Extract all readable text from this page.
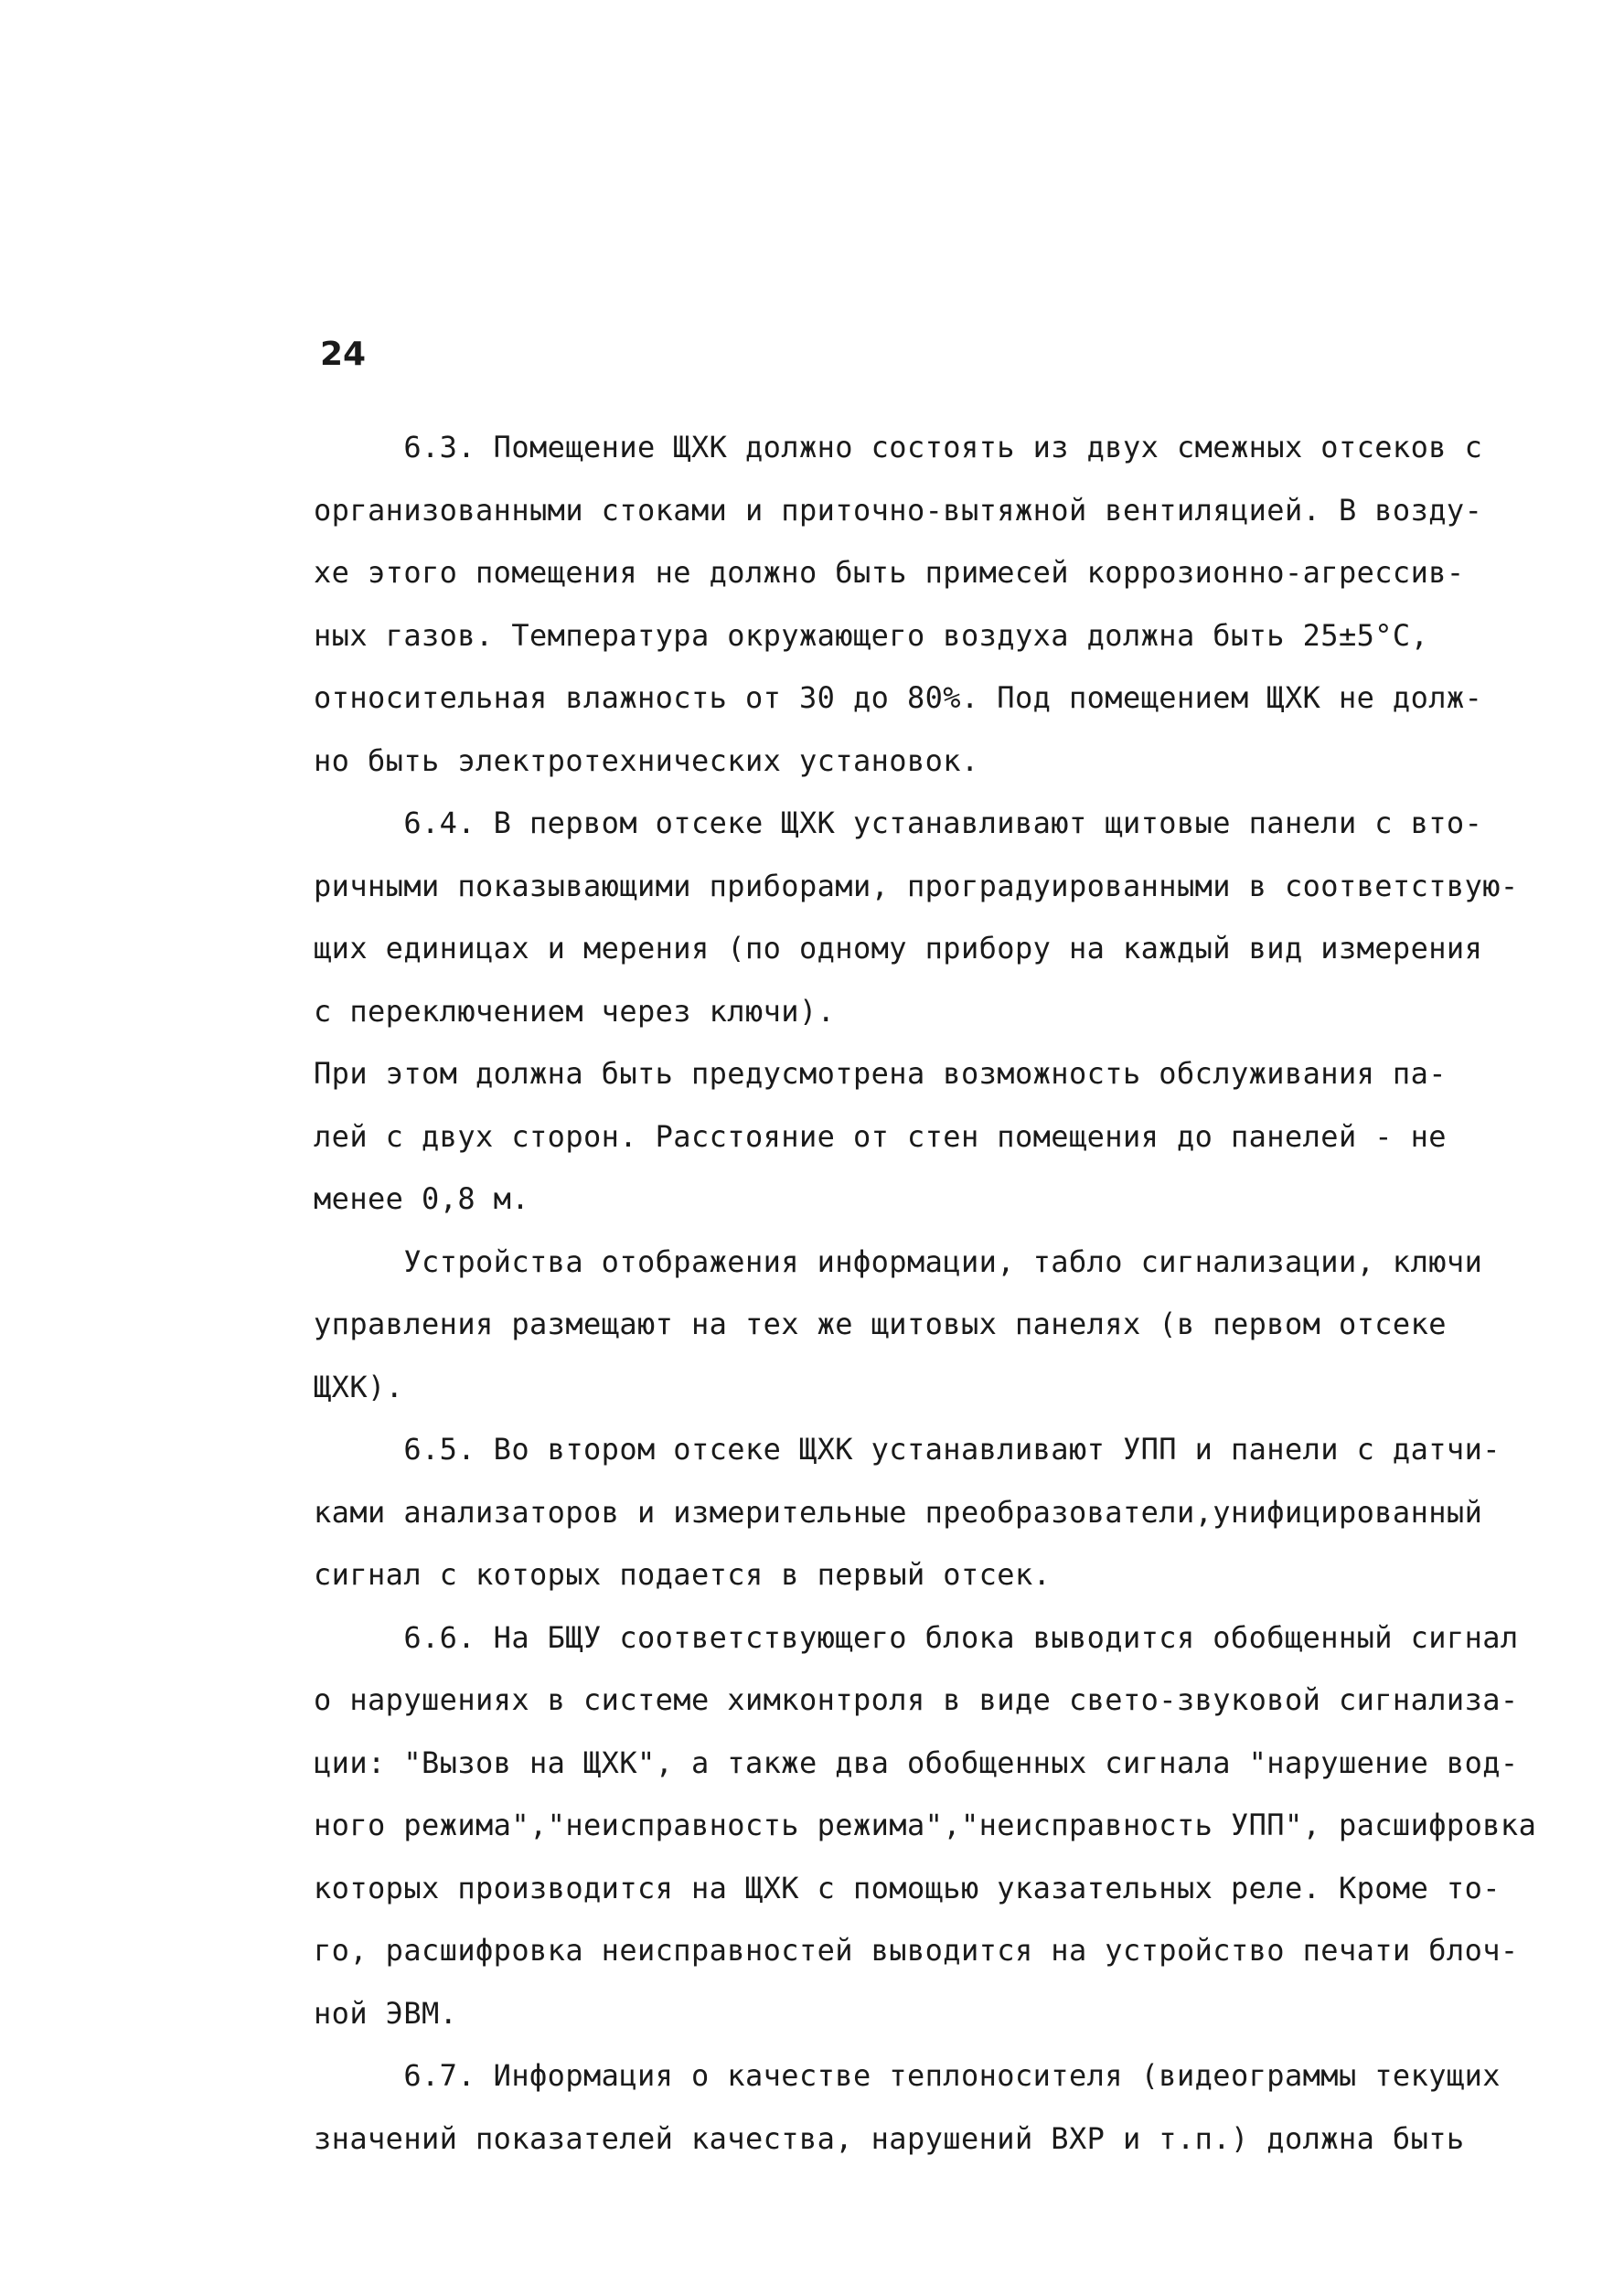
24
6.3. Помещение ЩХК должно состоять из двух смежных отсеков с
организованными стоками и приточно-вытяжной вентиляцией. В возду-
хе этого помещения не должно быть примесей коррозионно-агрессив-
ных газов. Температура окружающего воздуха должна быть 25±5°С,
относительная влажность от 30 до 80%. Под помещением ЩХК не долж-
но быть электротехнических установок.
6.4. В первом отсеке ЩХК устанавливают щитовые панели с вто-
ричными показывающими приборами, проградуированными в соответствую-
щих единицах и мерения (по одному прибору на каждый вид измерения
с переключением через ключи).
При этом должна быть предусмотрена возможность обслуживания па-
лей с двух сторон. Расстояние от стен помещения до панелей - не
менее 0,8 м.
Устройства отображения информации, табло сигнализации, ключи
управления размещают на тех же щитовых панелях (в первом отсеке
ЩХК).
6.5. Во втором отсеке ЩХК устанавливают УПП и панели с датчи-
ками анализаторов и измерительные преобразователи,унифицированный
сигнал с которых подается в первый отсек.
6.6. На БЩУ соответствующего блока выводится обобщенный сигнал
о нарушениях в системе химконтроля в виде свето-звуковой сигнализа-
ции: "Вызов на ЩХК", а также два обобщенных сигнала "нарушение вод-
ного режима","неисправность режима","неисправность УПП", расшифровка
которых производится на ЩХК с помощью указательных реле. Кроме то-
го, расшифровка неисправностей выводится на устройство печати блоч-
ной ЭВМ.
6.7. Информация о качестве теплоносителя (видеограммы текущих
значений показателей качества, нарушений ВХР и т.п.) должна быть
